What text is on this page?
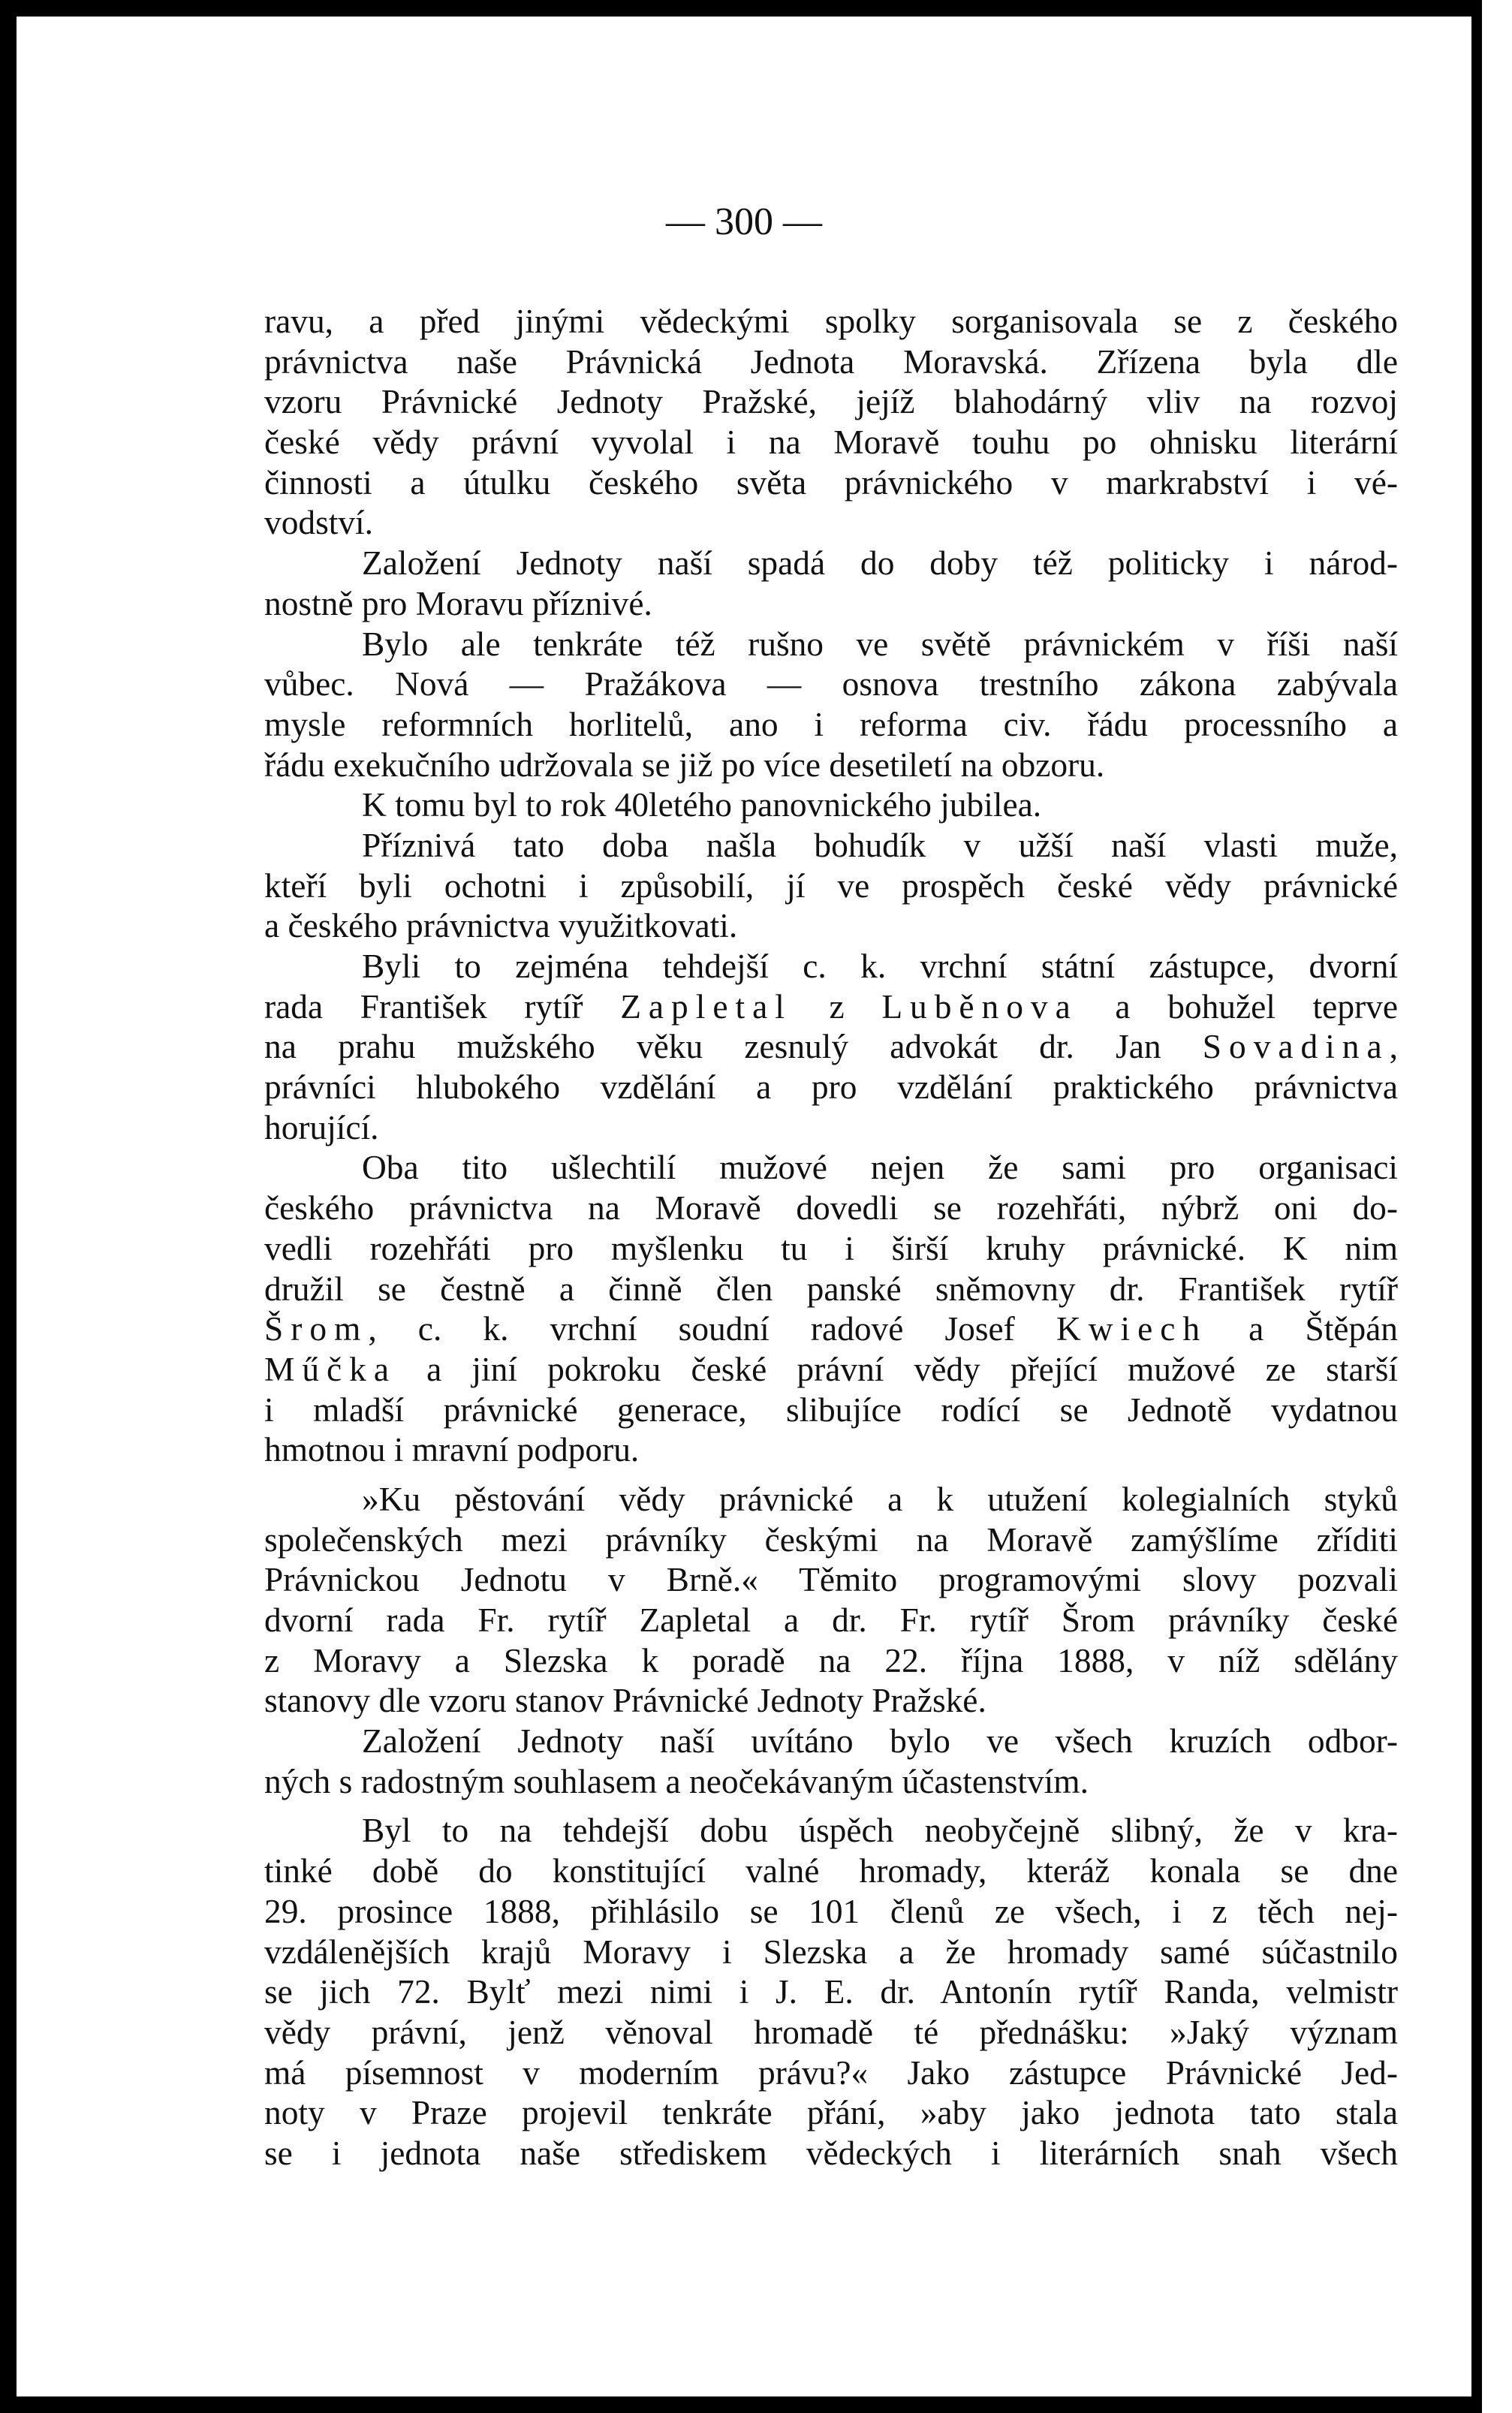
— 300 —
ravu, a před jinými vědeckými spolky sorganisovala se z českého
právnictva naše Právnická Jednota Moravská. Zřízena byla dle
vzoru Právnické Jednoty Pražské, jejíž blahodárný vliv na rozvoj
české vědy právní vyvolal i na Moravě touhu po ohnisku literární
činnosti a útulku českého světa právnického v markrabství i vé-
vodství.
Založení Jednoty naší spadá do doby též politicky i národ-
nostně pro Moravu příznivé.
Bylo ale tenkráte též rušno ve světě právnickém v říši naší
vůbec. Nová — Pražákova — osnova trestního zákona zabývala
mysle reformních horlitelů, ano i reforma civ. řádu processního a
řádu exekučního udržovala se již po více desetiletí na obzoru.
K tomu byl to rok 40letého panovnického jubilea.
Příznivá tato doba našla bohudík v užší naší vlasti muže,
kteří byli ochotni i způsobilí, jí ve prospěch české vědy právnické
a českého právnictva využitkovati.
Byli to zejména tehdejší c. k. vrchní státní zástupce, dvorní
rada František rytíř Zapletal z Luběnova a bohužel teprve
na prahu mužského věku zesnulý advokát dr. Jan Sovadina,
právníci hlubokého vzdělání a pro vzdělání praktického právnictva
horující.
Oba tito ušlechtilí mužové nejen že sami pro organisaci
českého právnictva na Moravě dovedli se rozehřáti, nýbrž oni do-
vedli rozehřáti pro myšlenku tu i širší kruhy právnické. K nim
družil se čestně a činně člen panské sněmovny dr. František rytíř
Šrom, c. k. vrchní soudní radové Josef Kwiech a Štěpán
Műčka a jiní pokroku české právní vědy přející mužové ze starší
i mladší právnické generace, slibujíce rodící se Jednotě vydatnou
hmotnou i mravní podporu.
»Ku pěstování vědy právnické a k utužení kolegialních styků
společenských mezi právníky českými na Moravě zamýšlíme zříditi
Právnickou Jednotu v Brně.« Těmito programovými slovy pozvali
dvorní rada Fr. rytíř Zapletal a dr. Fr. rytíř Šrom právníky české
z Moravy a Slezska k poradě na 22. října 1888, v níž sdělány
stanovy dle vzoru stanov Právnické Jednoty Pražské.
Založení Jednoty naší uvítáno bylo ve všech kruzích odbor-
ných s radostným souhlasem a neočekávaným účastenstvím.
Byl to na tehdejší dobu úspěch neobyčejně slibný, že v kra-
tinké době do konstitující valné hromady, kteráž konala se dne
29. prosince 1888, přihlásilo se 101 členů ze všech, i z těch nej-
vzdálenějších krajů Moravy i Slezska a že hromady samé súčastnilo
se jich 72. Bylť mezi nimi i J. E. dr. Antonín rytíř Randa, velmistr
vědy právní, jenž věnoval hromadě té přednášku: »Jaký význam
má písemnost v moderním právu?« Jako zástupce Právnické Jed-
noty v Praze projevil tenkráte přání, »aby jako jednota tato stala
se i jednota naše střediskem vědeckých i literárních snah všech
